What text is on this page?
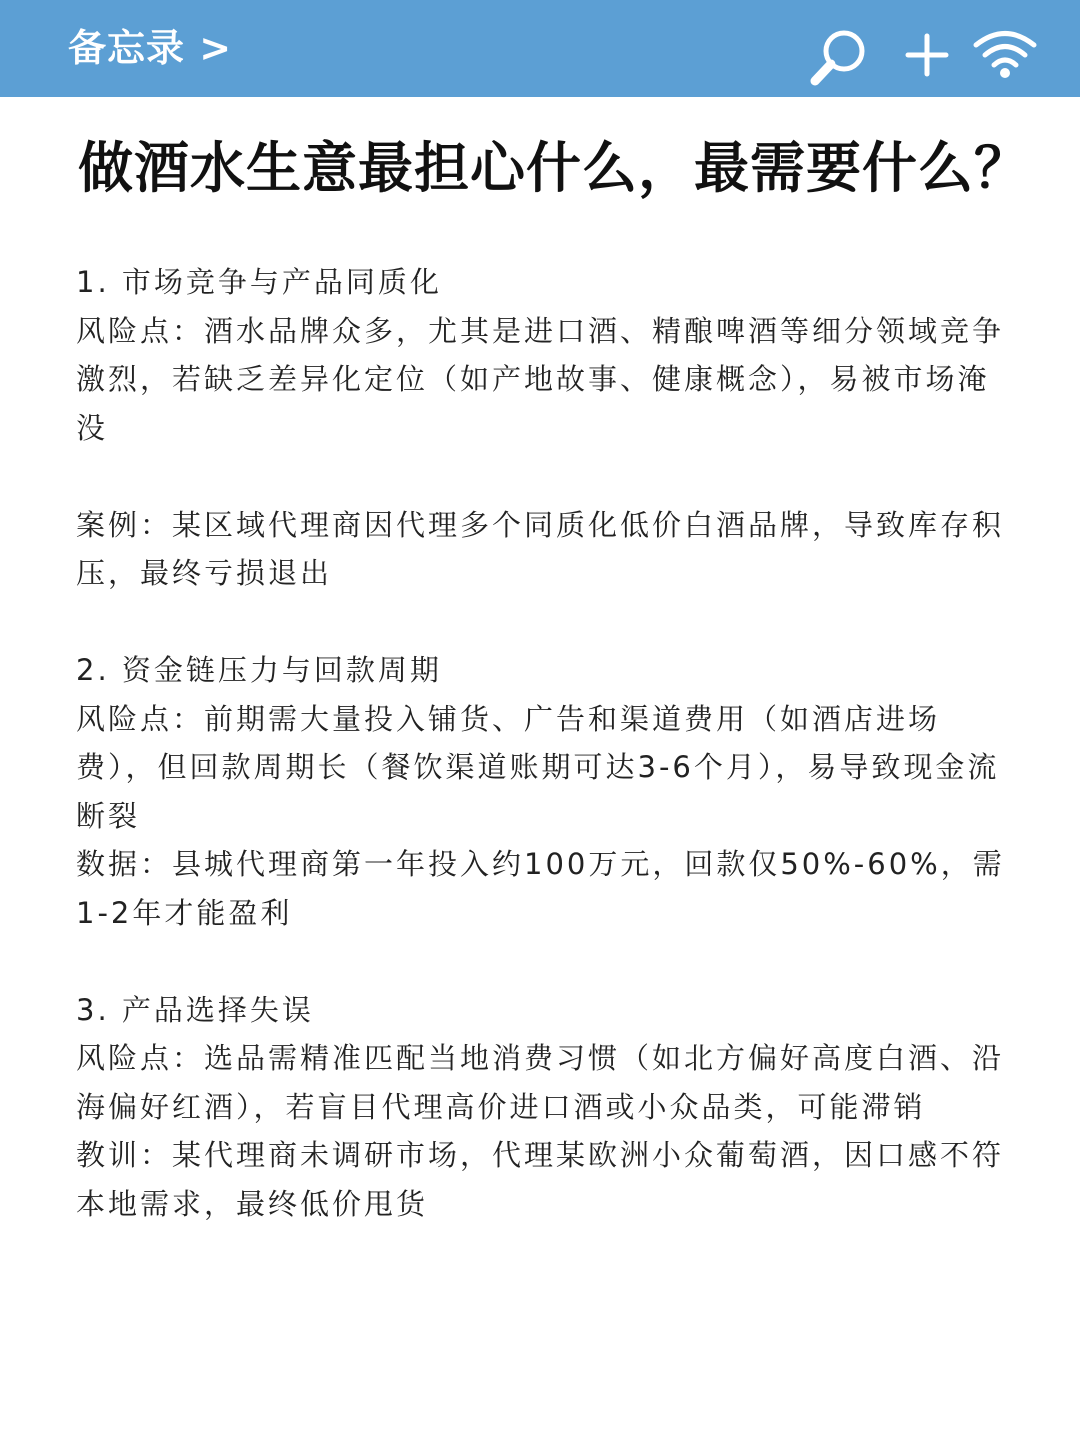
备忘录 >
做酒水生意最担心什么，最需要什么？

1. 市场竞争与产品同质化

风险点：酒水品牌众多，尤其是进口酒、精酿啤酒等细分领域竞争激烈，若缺乏差异化定位（如产地故事、健康概念），易被市场淹没

案例：某区域代理商因代理多个同质化低价白酒品牌，导致库存积压，最终亏损退出

2. 资金链压力与回款周期

风险点：前期需大量投入铺货、广告和渠道费用（如酒店进场费），但回款周期长（餐饮渠道账期可达3-6个月），易导致现金流断裂

数据：县城代理商第一年投入约100万元，回款仅50%-60%，需1-2年才能盈利

3. 产品选择失误

风险点：选品需精准匹配当地消费习惯（如北方偏好高度白酒、沿海偏好红酒），若盲目代理高价进口酒或小众品类，可能滞销

教训：某代理商未调研市场，代理某欧洲小众葡萄酒，因口感不符本地需求，最终低价甩货
